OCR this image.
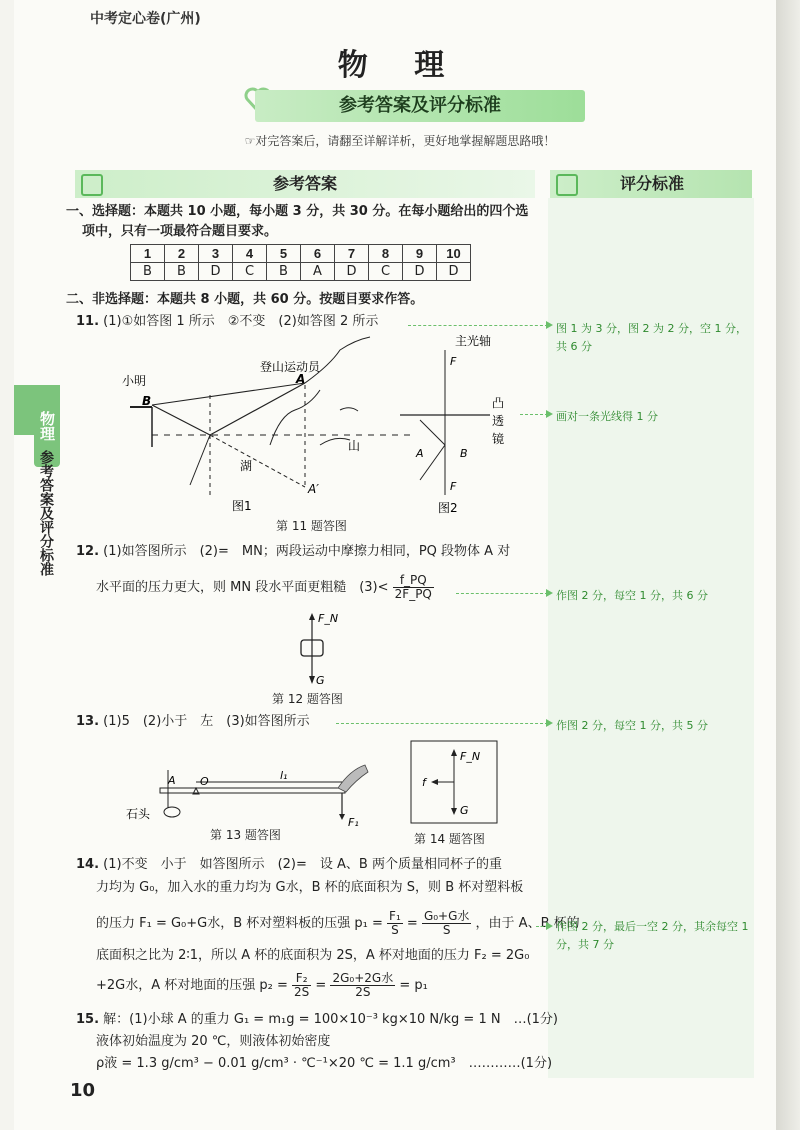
中考定心卷(广州)
物 理
参考答案及评分标准
☞对完答案后，请翻至详解详析，更好地掌握解题思路哦！
参考答案	评分标准
物理
参考答案及评分标准
一、选择题：本题共 10 小题，每小题 3 分，共 30 分。在每小题给出的四个选
项中，只有一项最符合题目要求。
1	2	3	4	5	6	7	8	9	10
B	B	D	C	B	A	D	C	D	D
二、非选择题：本题共 8 小题，共 60 分。按题目要求作答。
11. (1)①如答图 1 所示　②不变　(2)如答图 2 所示	图 1 为 3 分，图 2 为 2 分，空 1 分，共 6 分
画对一条光线得 1 分
登山运动员
小明
B
A
A′
湖
山
图1
F
F
主光轴
凸
透
镜
A	B
图2
第 11 题答图
12. (1)如答图所示　(2)=　MN；两段运动中摩擦力相同，PQ 段物体 A 对
水平面的压力更大，则 MN 段水平面更粗糙　$(3)< \frac{f\_PQ}{2F\_PQ}$	作图 2 分，每空 1 分，共 6 分
F_N
G
第 12 题答图
13. (1)5　(2)小于　左　(3)如答图所示	作图 2 分，每空 1 分，共 5 分
A O	l₁
F₁
石头
第 13 题答图
F_N
f
G
第 14 题答图
14. (1)不变　小于　如答图所示　(2)=　设 A、B 两个质量相同杯子的重
力均为 G₀，加入水的重力均为 G水，B 杯的底面积为 S，则 B 杯对塑料板
的压力 F₁ = G₀+G水，B 杯对塑料板的压强 $p_1 = \frac{\text{F₁}}{S} = \frac{\text{G₀+G水}}{S}$ ，由于 A、B 杯的
底面积之比为 2∶1，所以 A 杯的底面积为 2S，A 杯对地面的压力 F₂ = 2G₀
+2G水，A 杯对地面的压强 $p_2 = \frac{\text{F₂}}{2S} = \frac{\text{2G₀+2G水}}{2S} = p_1$
作图 2 分，最后一空 2 分，其余每空 1 分，共 7 分
15. 解：(1)小球 A 的重力 G₁ = m₁g = 100×10⁻³ kg×10 N/kg = 1 N　…(1分)
液体初始温度为 20 ℃，则液体初始密度
ρ液 = 1.3 g/cm³ − 0.01 g/cm³ · ℃⁻¹×20 ℃ = 1.1 g/cm³　…………(1分)
10
